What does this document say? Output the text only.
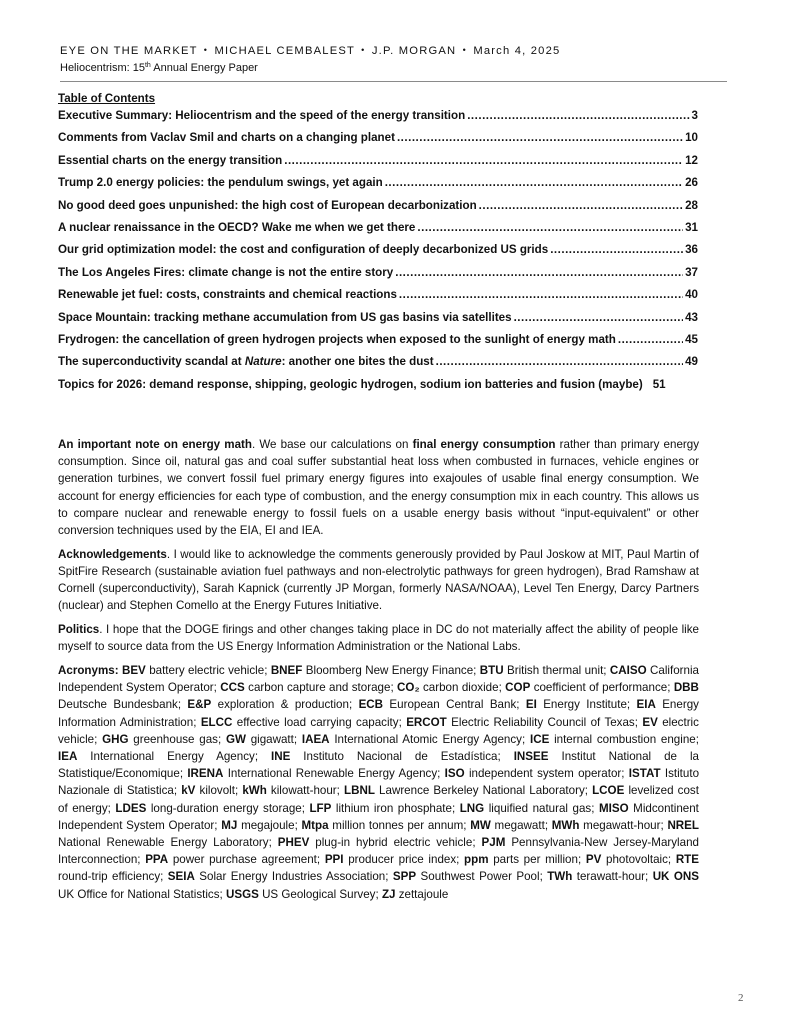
EYE ON THE MARKET • MICHAEL CEMBALEST • J.P. MORGAN • March 4, 2025
Heliocentrism: 15th Annual Energy Paper
Table of Contents
Executive Summary: Heliocentrism and the speed of the energy transition .....	3
Comments from Vaclav Smil and charts on a changing planet .....	10
Essential charts on the energy transition .....	12
Trump 2.0 energy policies: the pendulum swings, yet again .....	26
No good deed goes unpunished: the high cost of European decarbonization .....	28
A nuclear renaissance in the OECD? Wake me when we get there .....	31
Our grid optimization model: the cost and configuration of deeply decarbonized US grids .....	36
The Los Angeles Fires: climate change is not the entire story .....	37
Renewable jet fuel: costs, constraints and chemical reactions .....	40
Space Mountain: tracking methane accumulation from US gas basins via satellites .....	43
Frydrogen: the cancellation of green hydrogen projects when exposed to the sunlight of energy math .....	45
The superconductivity scandal at Nature: another one bites the dust .....	49
Topics for 2026: demand response, shipping, geologic hydrogen, sodium ion batteries and fusion (maybe) 51

An important note on energy math. We base our calculations on final energy consumption rather than primary energy consumption. Since oil, natural gas and coal suffer substantial heat loss when combusted in furnaces, vehicle engines or generation turbines, we convert fossil fuel primary energy figures into exajoules of usable final energy consumption. We account for energy efficiencies for each type of combustion, and the energy consumption mix in each country. This allows us to compare nuclear and renewable energy to fossil fuels on a usable energy basis without “input-equivalent” or other conversion techniques used by the EIA, EI and IEA.

Acknowledgements. I would like to acknowledge the comments generously provided by Paul Joskow at MIT, Paul Martin of SpitFire Research (sustainable aviation fuel pathways and non-electrolytic pathways for green hydrogen), Brad Ramshaw at Cornell (superconductivity), Sarah Kapnick (currently JP Morgan, formerly NASA/NOAA), Level Ten Energy, Darcy Partners (nuclear) and Stephen Comello at the Energy Futures Initiative.

Politics. I hope that the DOGE firings and other changes taking place in DC do not materially affect the ability of people like myself to source data from the US Energy Information Administration or the National Labs.

Acronyms: BEV battery electric vehicle; BNEF Bloomberg New Energy Finance; BTU British thermal unit; CAISO California Independent System Operator; CCS carbon capture and storage; CO₂ carbon dioxide; COP coefficient of performance; DBB Deutsche Bundesbank; E&P exploration & production; ECB European Central Bank; EI Energy Institute; EIA Energy Information Administration; ELCC effective load carrying capacity; ERCOT Electric Reliability Council of Texas; EV electric vehicle; GHG greenhouse gas; GW gigawatt; IAEA International Atomic Energy Agency; ICE internal combustion engine; IEA International Energy Agency; INE Instituto Nacional de Estadística; INSEE Institut National de la Statistique/Economique; IRENA International Renewable Energy Agency; ISO independent system operator; ISTAT Istituto Nazionale di Statistica; kV kilovolt; kWh kilowatt-hour; LBNL Lawrence Berkeley National Laboratory; LCOE levelized cost of energy; LDES long-duration energy storage; LFP lithium iron phosphate; LNG liquified natural gas; MISO Midcontinent Independent System Operator; MJ megajoule; Mtpa million tonnes per annum; MW megawatt; MWh megawatt-hour; NREL National Renewable Energy Laboratory; PHEV plug-in hybrid electric vehicle; PJM Pennsylvania-New Jersey-Maryland Interconnection; PPA power purchase agreement; PPI producer price index; ppm parts per million; PV photovoltaic; RTE round-trip efficiency; SEIA Solar Energy Industries Association; SPP Southwest Power Pool; TWh terawatt-hour; UK ONS UK Office for National Statistics; USGS US Geological Survey; ZJ zettajoule

2
